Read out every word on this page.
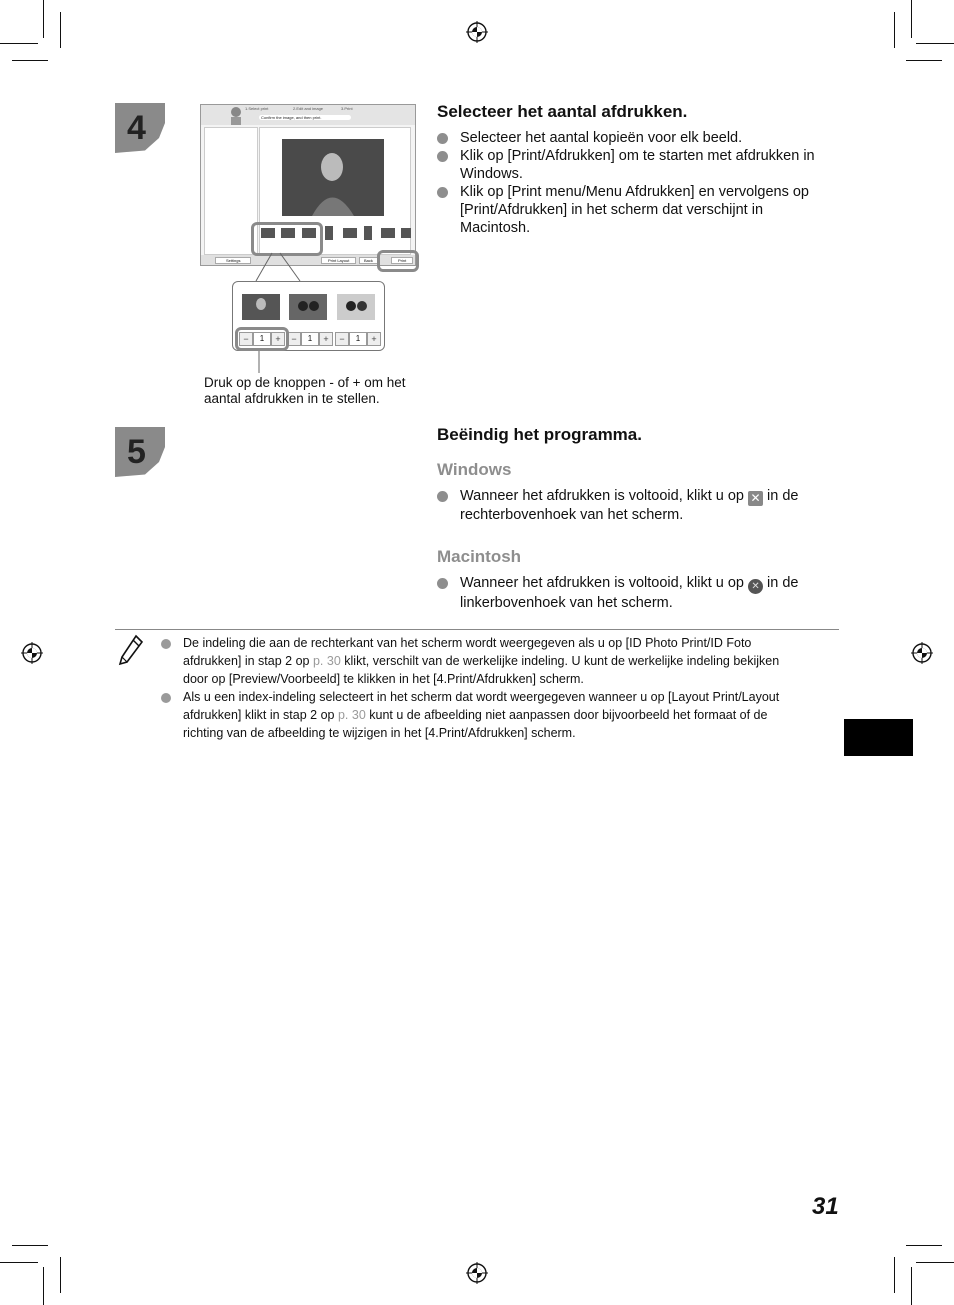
4
1.Select print	2.Edit and image	3.Print
Confirm the image, and then print.
Settings	Print Layout	Back	Print
−	1	+	−	1	+	−	1	+
Druk op de knoppen - of + om het aantal afdrukken in te stellen.
Selecteer het aantal afdrukken.
Selecteer het aantal kopieën voor elk beeld.
Klik op [Print/Afdrukken] om te starten met afdrukken in Windows.
Klik op [Print menu/Menu Afdrukken] en vervolgens op [Print/Afdrukken] in het scherm dat verschijnt in Macintosh.
5	Beëindig het programma.
Windows
Wanneer het afdrukken is voltooid, klikt u op ✕ in de rechterbovenhoek van het scherm.
Macintosh
Wanneer het afdrukken is voltooid, klikt u op ✕ in de linkerbovenhoek van het scherm.
De indeling die aan de rechterkant van het scherm wordt weergegeven als u op [ID Photo Print/ID Foto afdrukken] in stap 2 op p. 30 klikt, verschilt van de werkelijke indeling. U kunt de werkelijke indeling bekijken door op [Preview/Voorbeeld] te klikken in het [4.Print/Afdrukken] scherm.
Als u een index-indeling selecteert in het scherm dat wordt weergegeven wanneer u op [Layout Print/Layout afdrukken] klikt in stap 2 op p. 30 kunt u de afbeelding niet aanpassen door bijvoorbeeld het formaat of de richting van de afbeelding te wijzigen in het [4.Print/Afdrukken] scherm.
31
